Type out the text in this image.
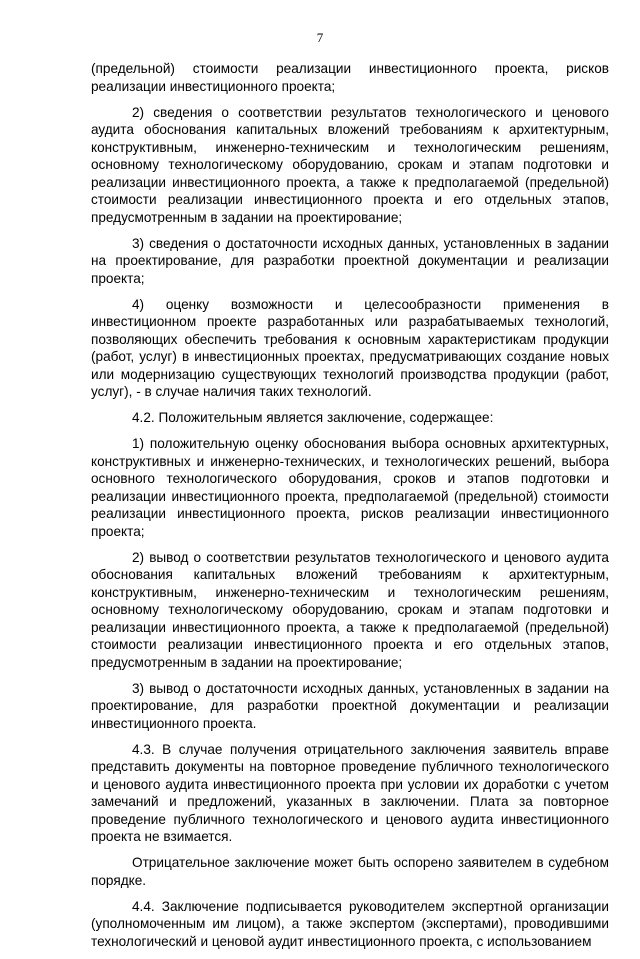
7

(предельной) стоимости реализации инвестиционного проекта, рисков реализации инвестиционного проекта;

2) сведения о соответствии результатов технологического и ценового аудита обоснования капитальных вложений требованиям к архитектурным, конструктивным, инженерно-техническим и технологическим решениям, основному технологическому оборудованию, срокам и этапам подготовки и реализации инвестиционного проекта, а также к предполагаемой (предельной) стоимости реализации инвестиционного проекта и его отдельных этапов, предусмотренным в задании на проектирование;

3) сведения о достаточности исходных данных, установленных в задании на проектирование, для разработки проектной документации и реализации проекта;

4) оценку возможности и целесообразности применения в инвестиционном проекте разработанных или разрабатываемых технологий, позволяющих обеспечить требования к основным характеристикам продукции (работ, услуг) в инвестиционных проектах, предусматривающих создание новых или модернизацию существующих технологий производства продукции (работ, услуг), - в случае наличия таких технологий.

4.2. Положительным является заключение, содержащее:

1) положительную оценку обоснования выбора основных архитектурных, конструктивных и инженерно-технических, и технологических решений, выбора основного технологического оборудования, сроков и этапов подготовки и реализации инвестиционного проекта, предполагаемой (предельной) стоимости реализации инвестиционного проекта, рисков реализации инвестиционного проекта;

2) вывод о соответствии результатов технологического и ценового аудита обоснования капитальных вложений требованиям к архитектурным, конструктивным, инженерно-техническим и технологическим решениям, основному технологическому оборудованию, срокам и этапам подготовки и реализации инвестиционного проекта, а также к предполагаемой (предельной) стоимости реализации инвестиционного проекта и его отдельных этапов, предусмотренным в задании на проектирование;

3) вывод о достаточности исходных данных, установленных в задании на проектирование, для разработки проектной документации и реализации инвестиционного проекта.

4.3. В случае получения отрицательного заключения заявитель вправе представить документы на повторное проведение публичного технологического и ценового аудита инвестиционного проекта при условии их доработки с учетом замечаний и предложений, указанных в заключении. Плата за повторное проведение публичного технологического и ценового аудита инвестиционного проекта не взимается.

Отрицательное заключение может быть оспорено заявителем в судебном порядке.

4.4. Заключение подписывается руководителем экспертной организации (уполномоченным им лицом), а также экспертом (экспертами), проводившими технологический и ценовой аудит инвестиционного проекта, с использованием
